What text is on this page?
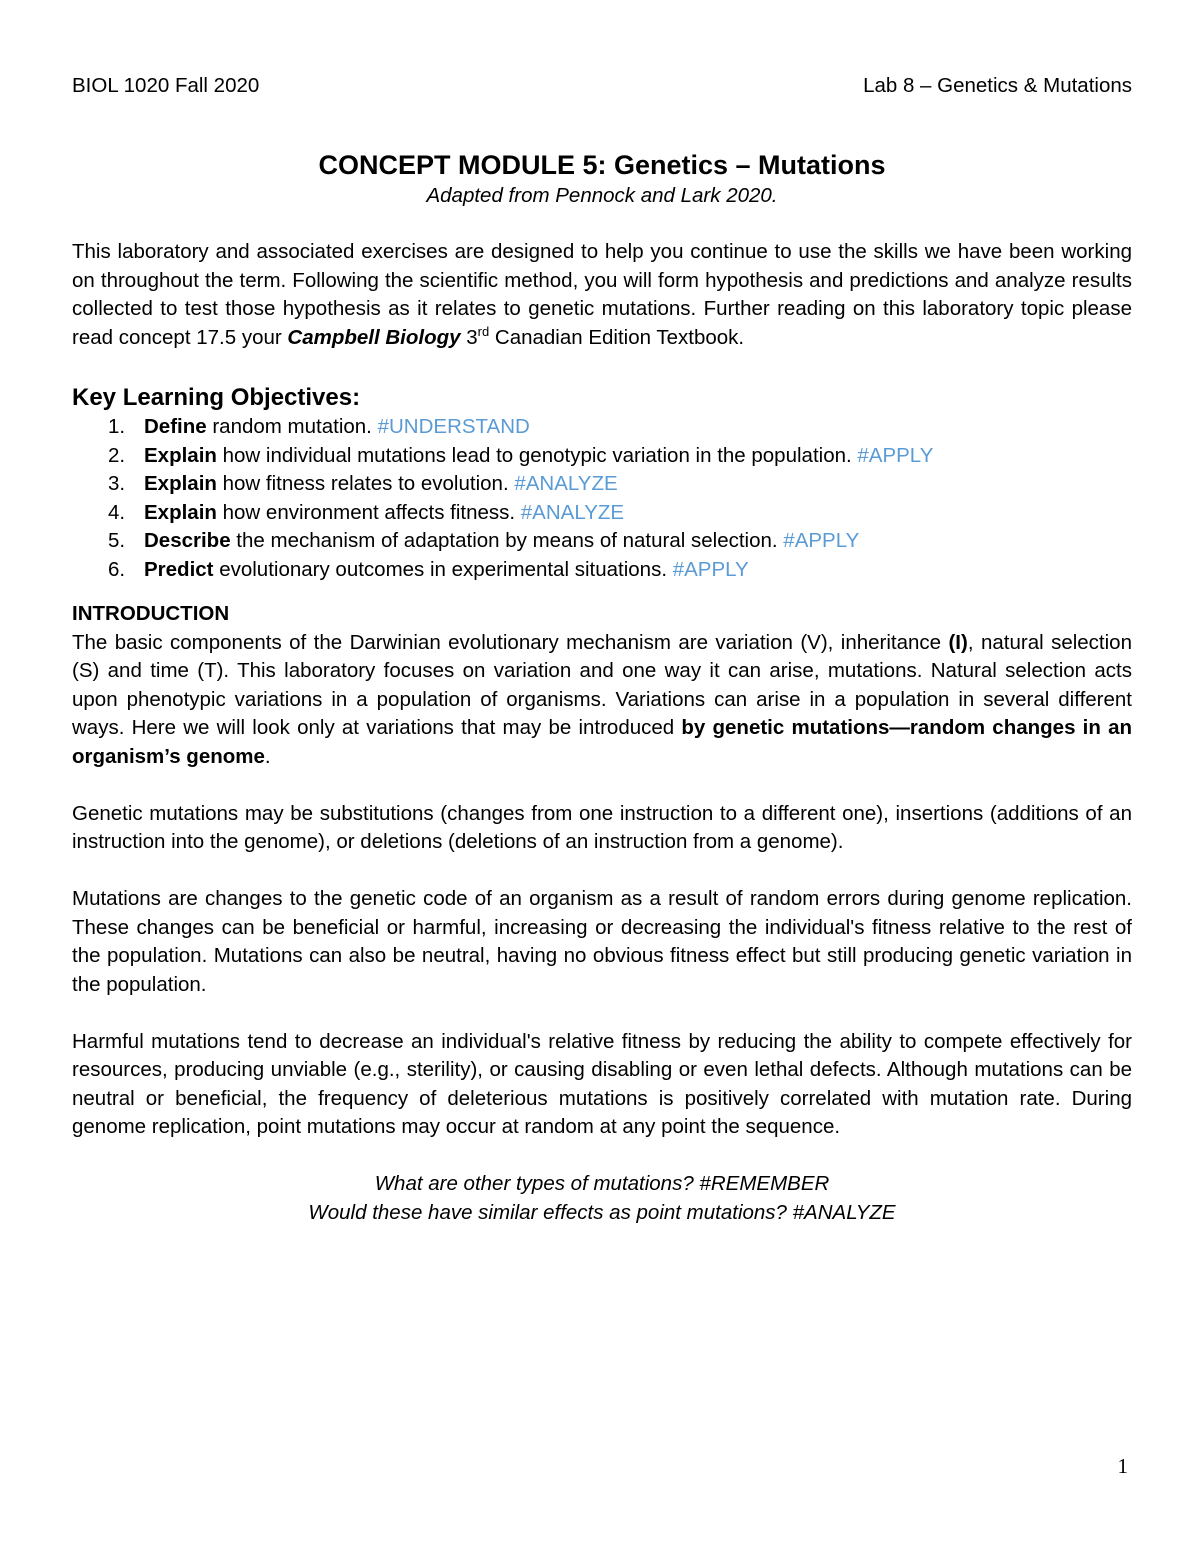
BIOL 1020 Fall 2020	Lab 8 – Genetics & Mutations
CONCEPT MODULE 5: Genetics – Mutations
Adapted from Pennock and Lark 2020.

This laboratory and associated exercises are designed to help you continue to use the skills we have been working on throughout the term. Following the scientific method, you will form hypothesis and predictions and analyze results collected to test those hypothesis as it relates to genetic mutations. Further reading on this laboratory topic please read concept 17.5 your Campbell Biology 3rd Canadian Edition Textbook.

Key Learning Objectives:
1. Define random mutation. #UNDERSTAND
2. Explain how individual mutations lead to genotypic variation in the population. #APPLY
3. Explain how fitness relates to evolution. #ANALYZE
4. Explain how environment affects fitness. #ANALYZE
5. Describe the mechanism of adaptation by means of natural selection. #APPLY
6. Predict evolutionary outcomes in experimental situations. #APPLY
INTRODUCTION

The basic components of the Darwinian evolutionary mechanism are variation (V), inheritance (I), natural selection (S) and time (T). This laboratory focuses on variation and one way it can arise, mutations. Natural selection acts upon phenotypic variations in a population of organisms. Variations can arise in a population in several different ways. Here we will look only at variations that may be introduced by genetic mutations—random changes in an organism’s genome.

Genetic mutations may be substitutions (changes from one instruction to a different one), insertions (additions of an instruction into the genome), or deletions (deletions of an instruction from a genome).

Mutations are changes to the genetic code of an organism as a result of random errors during genome replication. These changes can be beneficial or harmful, increasing or decreasing the individual's fitness relative to the rest of the population. Mutations can also be neutral, having no obvious fitness effect but still producing genetic variation in the population.

Harmful mutations tend to decrease an individual's relative fitness by reducing the ability to compete effectively for resources, producing unviable (e.g., sterility), or causing disabling or even lethal defects. Although mutations can be neutral or beneficial, the frequency of deleterious mutations is positively correlated with mutation rate. During genome replication, point mutations may occur at random at any point the sequence.

What are other types of mutations? #REMEMBER
Would these have similar effects as point mutations? #ANALYZE
1
